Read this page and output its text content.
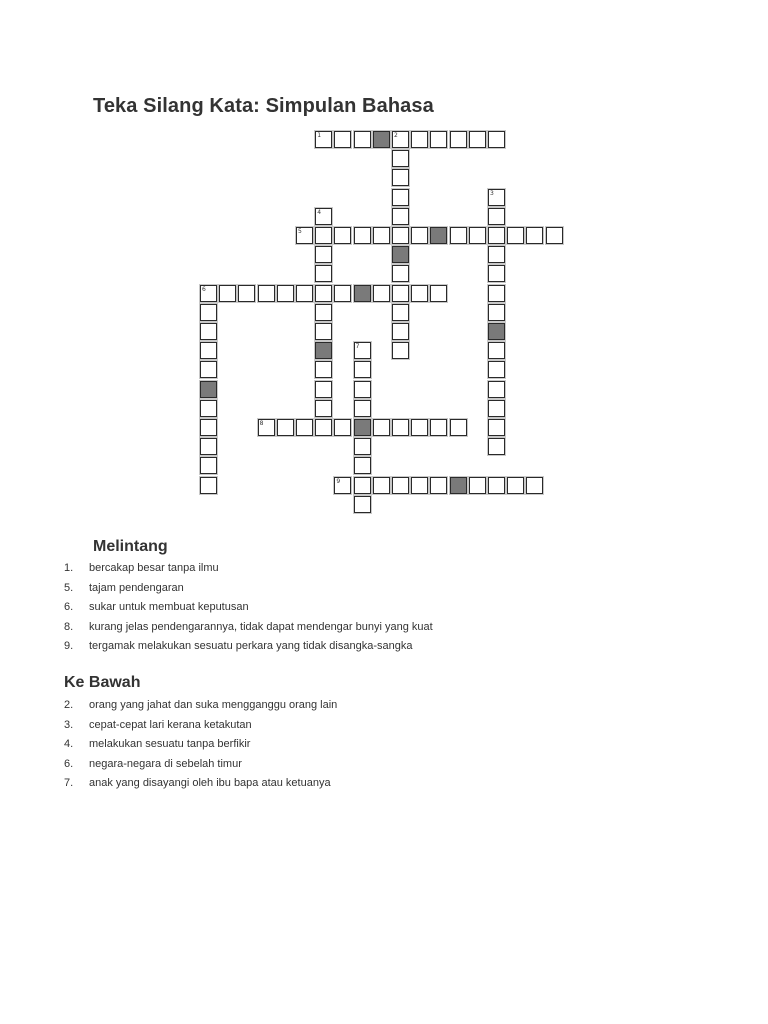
Teka Silang Kata: Simpulan Bahasa
1	2
3
4
5
6
7
8
9
Melintang
1.	bercakap besar tanpa ilmu
5.	tajam pendengaran
6.	sukar untuk membuat keputusan
8.	kurang jelas pendengarannya, tidak dapat mendengar bunyi yang kuat
9.	tergamak melakukan sesuatu perkara yang tidak disangka-sangka
Ke Bawah
2.	orang yang jahat dan suka mengganggu orang lain
3.	cepat-cepat lari kerana ketakutan
4.	melakukan sesuatu tanpa berfikir
6.	negara-negara di sebelah timur
7.	anak yang disayangi oleh ibu bapa atau ketuanya
